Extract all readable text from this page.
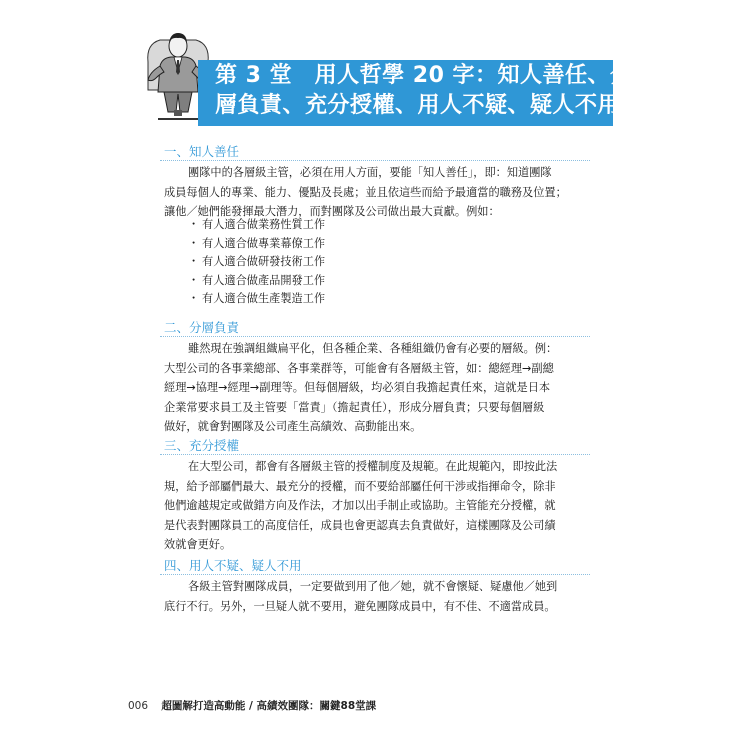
第 3 堂　用人哲學 20 字：知人善任、分
層負責、充分授權、用人不疑、疑人不用
一、知人善任

團隊中的各層級主管，必須在用人方面，要能「知人善任」，即：知道團隊
成員每個人的專業、能力、優點及長處；並且依這些而給予最適當的職務及位置；
讓他／她們能發揮最大潛力，而對團隊及公司做出最大貢獻。例如：

・ 有人適合做業務性質工作
・ 有人適合做專業幕僚工作
・ 有人適合做研發技術工作
・ 有人適合做產品開發工作
・ 有人適合做生產製造工作
二、分層負責

雖然現在強調組織扁平化，但各種企業、各種組織仍會有必要的層級。例：
大型公司的各事業總部、各事業群等，可能會有各層級主管，如：總經理→副總
經理→協理→經理→副理等。但每個層級，均必須自我擔起責任來，這就是日本
企業常要求員工及主管要「當責」（擔起責任），形成分層負責；只要每個層級
做好，就會對團隊及公司產生高績效、高動能出來。

三、充分授權

在大型公司，都會有各層級主管的授權制度及規範。在此規範內，即按此法
規，給予部屬們最大、最充分的授權，而不要給部屬任何干涉或指揮命令，除非
他們逾越規定或做錯方向及作法，才加以出手制止或協助。主管能充分授權，就
是代表對團隊員工的高度信任，成員也會更認真去負責做好，這樣團隊及公司績
效就會更好。

四、用人不疑、疑人不用

各級主管對團隊成員，一定要做到用了他／她，就不會懷疑、疑慮他／她到
底行不行。另外，一旦疑人就不要用，避免團隊成員中，有不佳、不適當成員。

006 超圖解打造高動能 / 高績效團隊：關鍵88堂課
